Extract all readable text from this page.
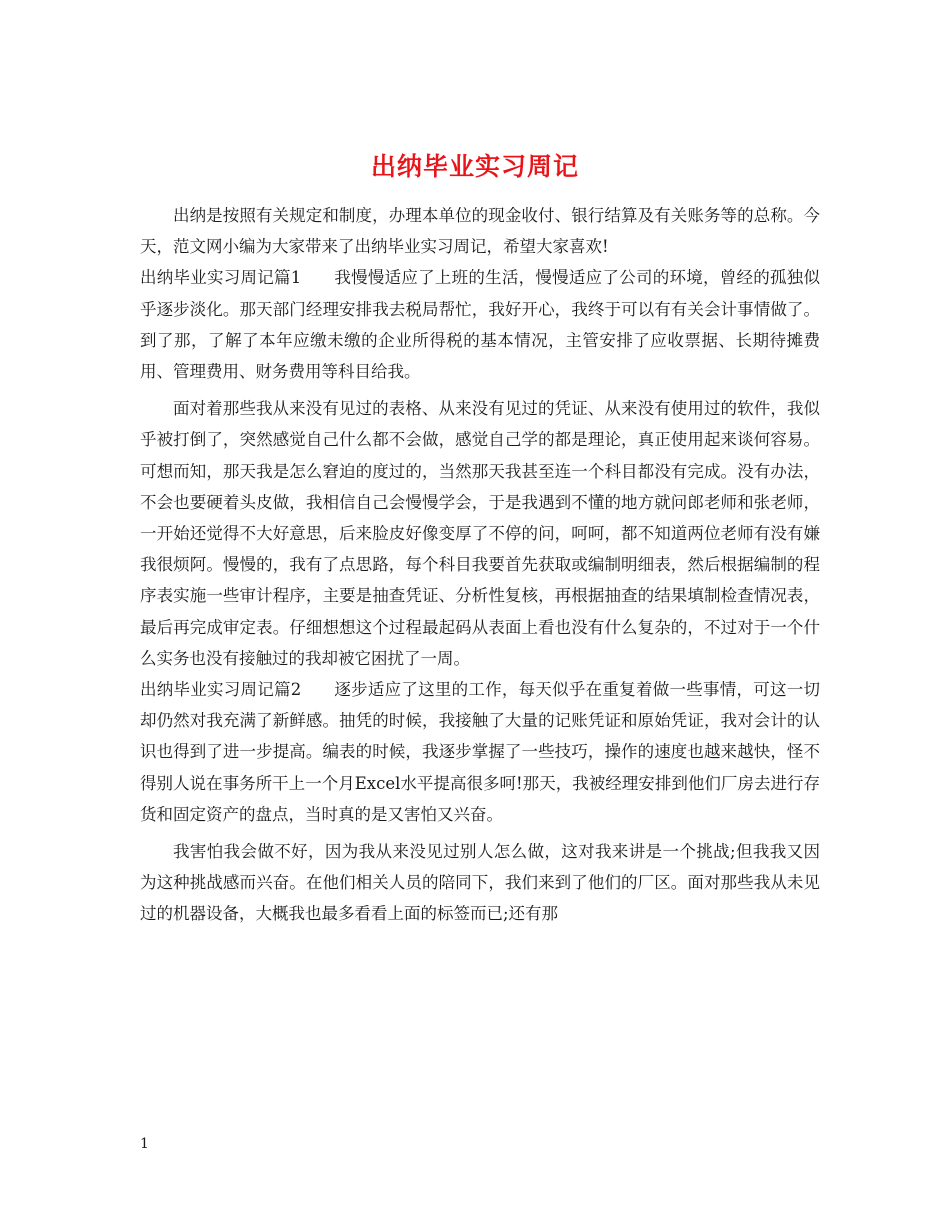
出纳毕业实习周记

出纳是按照有关规定和制度，办理本单位的现金收付、银行结算及有关账务等的总称。今天，范文网小编为大家带来了出纳毕业实习周记，希望大家喜欢!

出纳毕业实习周记篇1 我慢慢适应了上班的生活，慢慢适应了公司的环境，曾经的孤独似乎逐步淡化。那天部门经理安排我去税局帮忙，我好开心，我终于可以有有关会计事情做了。到了那，了解了本年应缴未缴的企业所得税的基本情况，主管安排了应收票据、长期待摊费用、管理费用、财务费用等科目给我。

面对着那些我从来没有见过的表格、从来没有见过的凭证、从来没有使用过的软件，我似乎被打倒了，突然感觉自己什么都不会做，感觉自己学的都是理论，真正使用起来谈何容易。可想而知，那天我是怎么窘迫的度过的，当然那天我甚至连一个科目都没有完成。没有办法，不会也要硬着头皮做，我相信自己会慢慢学会，于是我遇到不懂的地方就问郎老师和张老师，一开始还觉得不大好意思，后来脸皮好像变厚了不停的问，呵呵，都不知道两位老师有没有嫌我很烦阿。慢慢的，我有了点思路，每个科目我要首先获取或编制明细表，然后根据编制的程序表实施一些审计程序，主要是抽查凭证、分析性复核，再根据抽查的结果填制检查情况表，最后再完成审定表。仔细想想这个过程最起码从表面上看也没有什么复杂的，不过对于一个什么实务也没有接触过的我却被它困扰了一周。

出纳毕业实习周记篇2 逐步适应了这里的工作，每天似乎在重复着做一些事情，可这一切却仍然对我充满了新鲜感。抽凭的时候，我接触了大量的记账凭证和原始凭证，我对会计的认识也得到了进一步提高。编表的时候，我逐步掌握了一些技巧，操作的速度也越来越快，怪不得别人说在事务所干上一个月Excel水平提高很多呵!那天，我被经理安排到他们厂房去进行存货和固定资产的盘点，当时真的是又害怕又兴奋。

我害怕我会做不好，因为我从来没见过别人怎么做，这对我来讲是一个挑战;但我我又因为这种挑战感而兴奋。在他们相关人员的陪同下，我们来到了他们的厂区。面对那些我从未见过的机器设备，大概我也最多看看上面的标签而已;还有那

1
